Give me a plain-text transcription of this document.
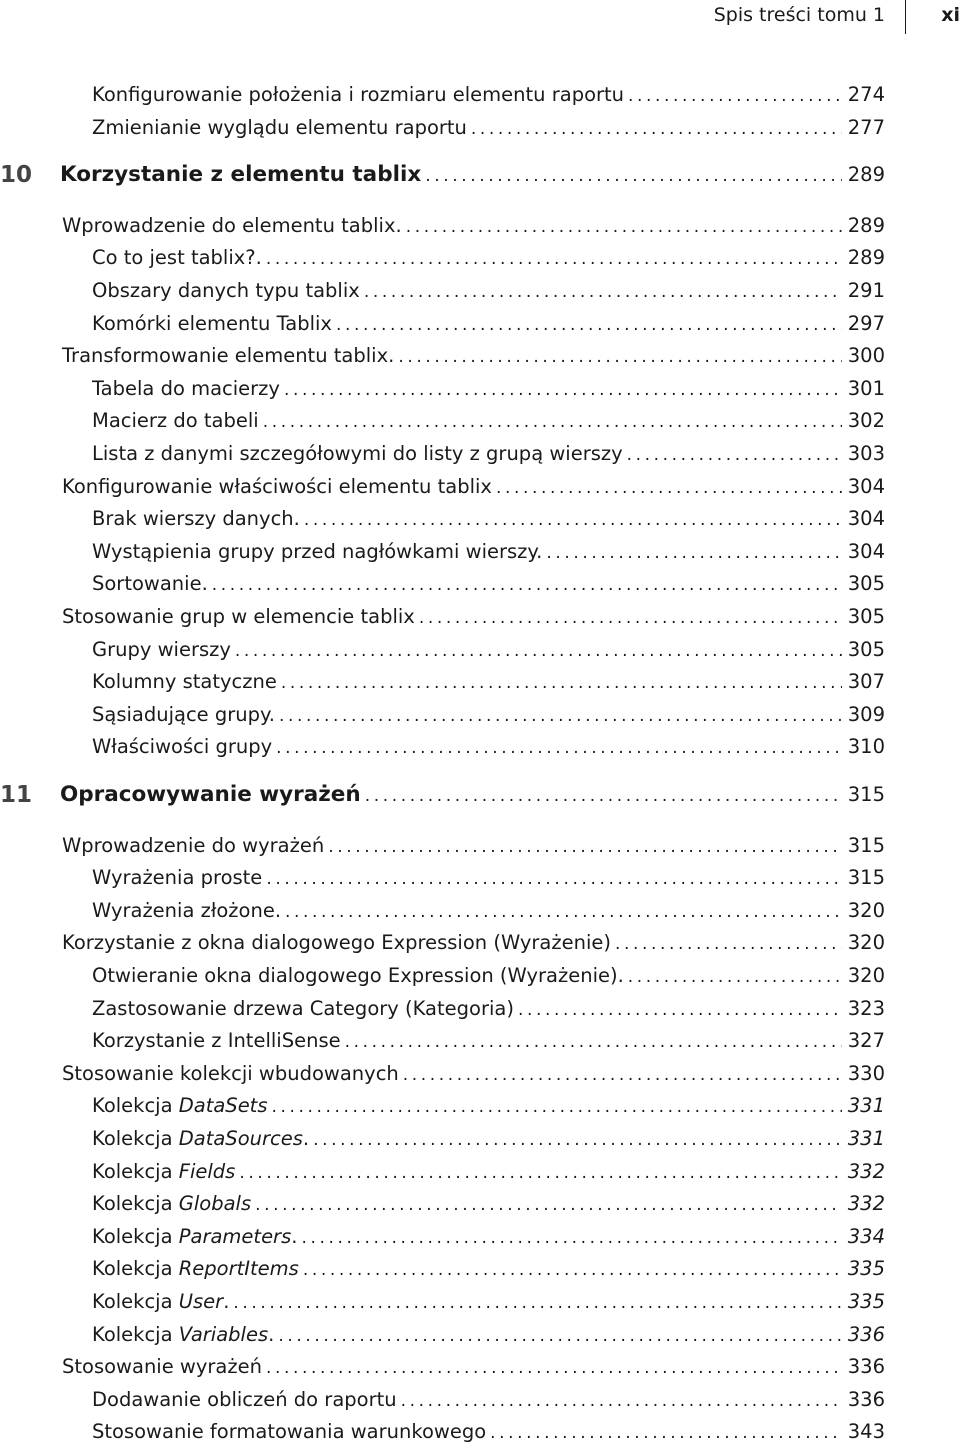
Spis treści tomu 1	xi
Konfigurowanie położenia i rozmiaru elementu raportu .....	274
Zmienianie wyglądu elementu raportu .....	277
10 Korzystanie z elementu tablix .....	289
Wprowadzenie do elementu tablix. .....	289
Co to jest tablix?. .....	289
Obszary danych typu tablix .....	291
Komórki elementu Tablix .....	297
Transformowanie elementu tablix. .....	300
Tabela do macierzy .....	301
Macierz do tabeli .....	302
Lista z danymi szczegółowymi do listy z grupą wierszy .....	303
Konfigurowanie właściwości elementu tablix .....	304
Brak wierszy danych. .....	304
Wystąpienia grupy przed nagłówkami wierszy. .....	304
Sortowanie. .....	305
Stosowanie grup w elemencie tablix .....	305
Grupy wierszy .....	305
Kolumny statyczne .....	307
Sąsiadujące grupy. .....	309
Właściwości grupy .....	310
11 Opracowywanie wyrażeń .....	315
Wprowadzenie do wyrażeń .....	315
Wyrażenia proste .....	315
Wyrażenia złożone. .....	320
Korzystanie z okna dialogowego Expression (Wyrażenie) .....	320
Otwieranie okna dialogowego Expression (Wyrażenie). .....	320
Zastosowanie drzewa Category (Kategoria) .....	323
Korzystanie z IntelliSense .....	327
Stosowanie kolekcji wbudowanych .....	330
Kolekcja DataSets .....	331
Kolekcja DataSources. .....	331
Kolekcja Fields .....	332
Kolekcja Globals .....	332
Kolekcja Parameters. .....	334
Kolekcja ReportItems .....	335
Kolekcja User. .....	335
Kolekcja Variables. .....	336
Stosowanie wyrażeń .....	336
Dodawanie obliczeń do raportu .....	336
Stosowanie formatowania warunkowego .....	343
